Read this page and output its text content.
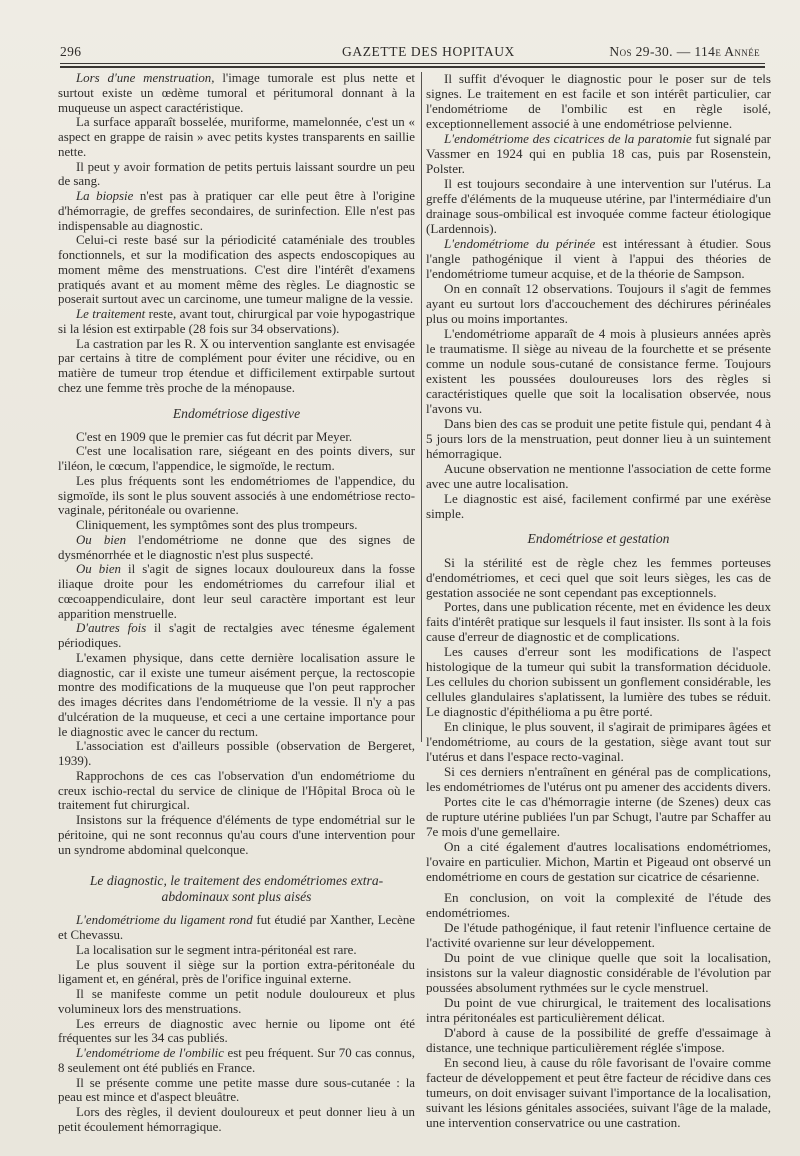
296	GAZETTE DES HOPITAUX	Nos 29-30. — 114e Année

Lors d'une menstruation, l'image tumorale est plus nette et surtout existe un œdème tumoral et péritumoral donnant à la muqueuse un aspect caractéristique.

La surface apparaît bosselée, muriforme, mamelonnée, c'est un « aspect en grappe de raisin » avec petits kystes transparents en saillie nette.

Il peut y avoir formation de petits pertuis laissant sourdre un peu de sang.

La biopsie n'est pas à pratiquer car elle peut être à l'origine d'hémorragie, de greffes secondaires, de surinfection. Elle n'est pas indispensable au diagnostic.

Celui-ci reste basé sur la périodicité cataméniale des troubles fonctionnels, et sur la modification des aspects endoscopiques au moment même des menstruations. C'est dire l'intérêt d'examens pratiqués avant et au moment même des règles. Le diagnostic se poserait surtout avec un carcinome, une tumeur maligne de la vessie.

Le traitement reste, avant tout, chirurgical par voie hypogastrique si la lésion est extirpable (28 fois sur 34 observations).

La castration par les R. X ou intervention sanglante est envisagée par certains à titre de complément pour éviter une récidive, ou en matière de tumeur trop étendue et difficilement extirpable surtout chez une femme très proche de la ménopause.

Endométriose digestive

C'est en 1909 que le premier cas fut décrit par Meyer.

C'est une localisation rare, siégeant en des points divers, sur l'iléon, le cœcum, l'appendice, le sigmoïde, le rectum.

Les plus fréquents sont les endométriomes de l'appendice, du sigmoïde, ils sont le plus souvent associés à une endométriose recto-vaginale, péritonéale ou ovarienne.

Cliniquement, les symptômes sont des plus trompeurs.

Ou bien l'endométriome ne donne que des signes de dysménorrhée et le diagnostic n'est plus suspecté.

Ou bien il s'agit de signes locaux douloureux dans la fosse iliaque droite pour les endométriomes du carrefour ilial et cœcoappendiculaire, dont leur seul caractère important est leur apparition menstruelle.

D'autres fois il s'agit de rectalgies avec ténesme également périodiques.

L'examen physique, dans cette dernière localisation assure le diagnostic, car il existe une tumeur aisément perçue, la rectoscopie montre des modifications de la muqueuse que l'on peut rapprocher des images décrites dans l'endométriome de la vessie. Il n'y a pas d'ulcération de la muqueuse, et ceci a une certaine importance pour le diagnostic avec le cancer du rectum.

L'association est d'ailleurs possible (observation de Bergeret, 1939).

Rapprochons de ces cas l'observation d'un endométriome du creux ischio-rectal du service de clinique de l'Hôpital Broca où le traitement fut chirurgical.

Insistons sur la fréquence d'éléments de type endométrial sur le péritoine, qui ne sont reconnus qu'au cours d'une intervention pour un syndrome abdominal quelconque.

Le diagnostic, le traitement des endométriomes extra-abdominaux sont plus aisés

L'endométriome du ligament rond fut étudié par Xanther, Lecène et Chevassu.

La localisation sur le segment intra-péritonéal est rare.

Le plus souvent il siège sur la portion extra-péritonéale du ligament et, en général, près de l'orifice inguinal externe.

Il se manifeste comme un petit nodule douloureux et plus volumineux lors des menstruations.

Les erreurs de diagnostic avec hernie ou lipome ont été fréquentes sur les 34 cas publiés.

L'endométriome de l'ombilic est peu fréquent. Sur 70 cas connus, 8 seulement ont été publiés en France.

Il se présente comme une petite masse dure sous-cutanée : la peau est mince et d'aspect bleuâtre.

Lors des règles, il devient douloureux et peut donner lieu à un petit écoulement hémorragique.

Il suffit d'évoquer le diagnostic pour le poser sur de tels signes. Le traitement en est facile et son intérêt particulier, car l'endométriome de l'ombilic est en règle isolé, exceptionnellement associé à une endométriose pelvienne.

L'endométriome des cicatrices de la paratomie fut signalé par Vassmer en 1924 qui en publia 18 cas, puis par Rosenstein, Polster.

Il est toujours secondaire à une intervention sur l'utérus. La greffe d'éléments de la muqueuse utérine, par l'intermédiaire d'un drainage sous-ombilical est invoquée comme facteur étiologique (Lardennois).

L'endométriome du périnée est intéressant à étudier. Sous l'angle pathogénique il vient à l'appui des théories de l'endométriome tumeur acquise, et de la théorie de Sampson.

On en connaît 12 observations. Toujours il s'agit de femmes ayant eu surtout lors d'accouchement des déchirures périnéales plus ou moins importantes.

L'endométriome apparaît de 4 mois à plusieurs années après le traumatisme. Il siège au niveau de la fourchette et se présente comme un nodule sous-cutané de consistance ferme. Toujours existent les poussées douloureuses lors des règles si caractéristiques quelle que soit la localisation observée, nous l'avons vu.

Dans bien des cas se produit une petite fistule qui, pendant 4 à 5 jours lors de la menstruation, peut donner lieu à un suintement hémorragique.

Aucune observation ne mentionne l'association de cette forme avec une autre localisation.

Le diagnostic est aisé, facilement confirmé par une exérèse simple.

Endométriose et gestation

Si la stérilité est de règle chez les femmes porteuses d'endométriomes, et ceci quel que soit leurs sièges, les cas de gestation associée ne sont cependant pas exceptionnels.

Portes, dans une publication récente, met en évidence les deux faits d'intérêt pratique sur lesquels il faut insister. Ils sont à la fois cause d'erreur de diagnostic et de complications.

Les causes d'erreur sont les modifications de l'aspect histologique de la tumeur qui subit la transformation déciduole. Les cellules du chorion subissent un gonflement considérable, les cellules glandulaires s'aplatissent, la lumière des tubes se réduit. Le diagnostic d'épithélioma a pu être porté.

En clinique, le plus souvent, il s'agirait de primipares âgées et l'endométriome, au cours de la gestation, siège avant tout sur l'utérus et dans l'espace recto-vaginal.

Si ces derniers n'entraînent en général pas de complications, les endométriomes de l'utérus ont pu amener des accidents divers.

Portes cite le cas d'hémorragie interne (de Szenes) deux cas de rupture utérine publiées l'un par Schugt, l'autre par Schaffer au 7e mois d'une gemellaire.

On a cité également d'autres localisations endométriomes, l'ovaire en particulier. Michon, Martin et Pigeaud ont observé un endométriome en cours de gestation sur cicatrice de césarienne.

En conclusion, on voit la complexité de l'étude des endométriomes.

De l'étude pathogénique, il faut retenir l'influence certaine de l'activité ovarienne sur leur développement.

Du point de vue clinique quelle que soit la localisation, insistons sur la valeur diagnostic considérable de l'évolution par poussées absolument rythmées sur le cycle menstruel.

Du point de vue chirurgical, le traitement des localisations intra péritonéales est particulièrement délicat.

D'abord à cause de la possibilité de greffe d'essaimage à distance, une technique particulièrement réglée s'impose.

En second lieu, à cause du rôle favorisant de l'ovaire comme facteur de développement et peut être facteur de récidive dans ces tumeurs, on doit envisager suivant l'importance de la localisation, suivant les lésions génitales associées, suivant l'âge de la malade, une intervention conservatrice ou une castration.
